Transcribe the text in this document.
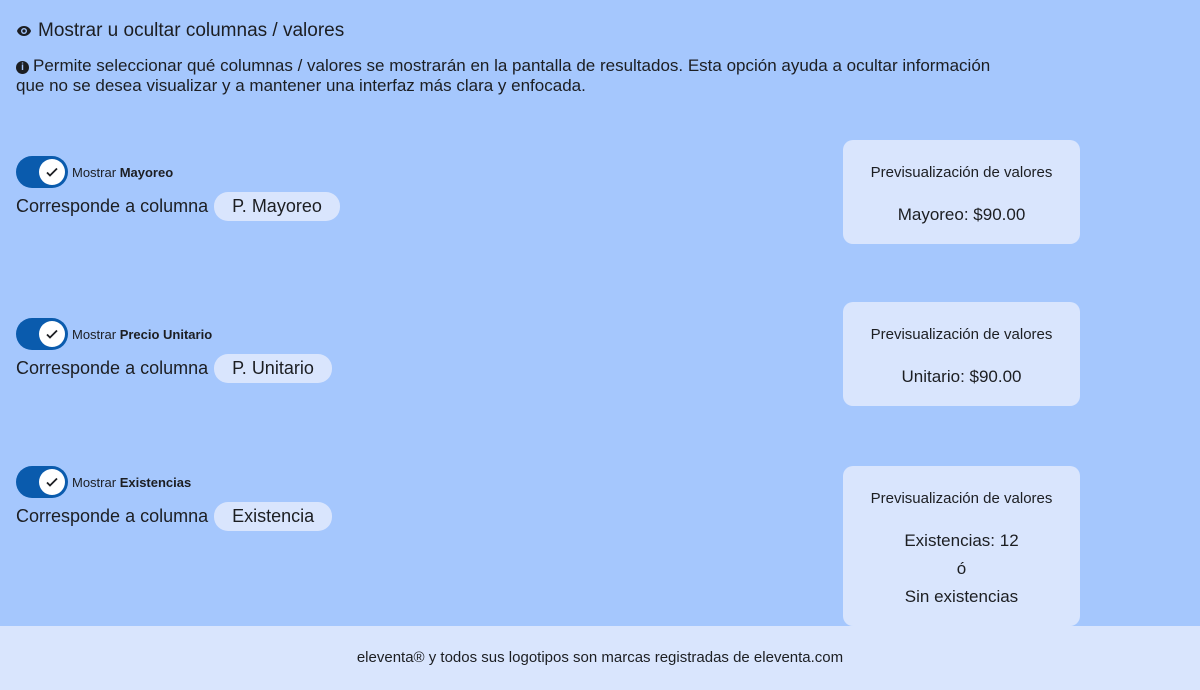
Mostrar u ocultar columnas / valores
i Permite seleccionar qué columnas / valores se mostrarán en la pantalla de resultados. Esta opción ayuda a ocultar información que no se desea visualizar y a mantener una interfaz más clara y enfocada.
Mostrar Mayoreo
Corresponde a columna	P. Mayoreo
Previsualización de valores
Mayoreo: $90.00
Mostrar Precio Unitario
Corresponde a columna	P. Unitario
Previsualización de valores
Unitario: $90.00
Mostrar Existencias
Corresponde a columna	Existencia
Previsualización de valores
Existencias: 12
ó
Sin existencias
eleventa® y todos sus logotipos son marcas registradas de eleventa.com
